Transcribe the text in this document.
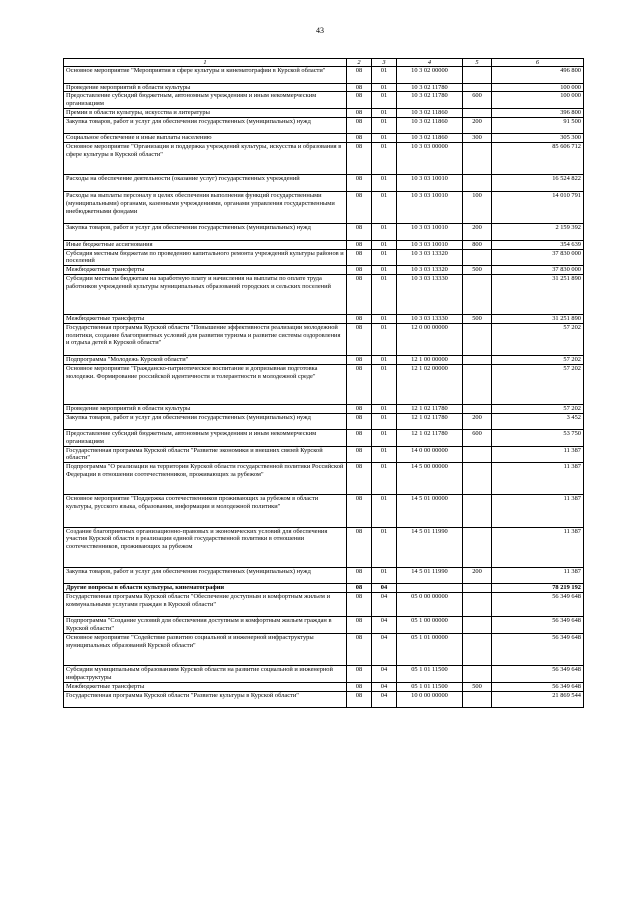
43
1	2	3	4	5	6
Основное мероприятие "Мероприятия в сфере культуры и кинематографии в Курской области"	08	01	10 3 02 00000		496 800
Проведение мероприятий в области культуры	08	01	10 3 02 11780		100 000
Предоставление субсидий бюджетным, автономным учреждениям и иным некоммерческим организациям	08	01	10 3 02 11780	600	100 000
Премии в области культуры, искусства и литературы	08	01	10 3 02 11860		396 800
Закупка товаров, работ и услуг для обеспечения государственных (муниципальных) нужд	08	01	10 3 02 11860	200	91 500
Социальное обеспечение и иные выплаты населению	08	01	10 3 02 11860	300	305 300
Основное мероприятие "Организация и поддержка учреждений культуры, искусства и образования в сфере культуры в Курской области"	08	01	10 3 03 00000		85 606 712
Расходы на обеспечение деятельности (оказание услуг) государственных учреждений	08	01	10 3 03 10010		16 524 822
Расходы на выплаты персоналу в целях обеспечения выполнения функций государственными (муниципальными) органами, казенными учреждениями, органами управления государственными внебюджетными фондами	08	01	10 3 03 10010	100	14 010 791
Закупка товаров, работ и услуг для обеспечения государственных (муниципальных) нужд	08	01	10 3 03 10010	200	2 159 392
Иные бюджетные ассигнования	08	01	10 3 03 10010	800	354 639
Субсидия местным бюджетам по проведению капитального ремонта учреждений культуры районов и поселений	08	01	10 3 03 13320		37 830 000
Межбюджетные трансферты	08	01	10 3 03 13320	500	37 830 000
Субсидии местным бюджетам на заработную плату и начисления на выплаты по оплате труда работников учреждений культуры муниципальных образований городских и сельских поселений	08	01	10 3 03 13330		31 251 890
Межбюджетные трансферты	08	01	10 3 03 13330	500	31 251 890
Государственная программа Курской области "Повышение эффективности реализации молодежной политики, создание благоприятных условий для развития туризма и развитие системы оздоровления и отдыха детей в Курской области"	08	01	12 0 00 00000		57 202
Подпрограмма "Молодежь Курской области"	08	01	12 1 00 00000		57 202
Основное мероприятие "Гражданско-патриотическое воспитание и допризывная подготовка молодежи. Формирование российской идентичности и толерантности в молодежной среде"	08	01	12 1 02 00000		57 202
Проведение мероприятий в области культуры	08	01	12 1 02 11780		57 202
Закупка товаров, работ и услуг для обеспечения государственных (муниципальных) нужд	08	01	12 1 02 11780	200	3 452
Предоставление субсидий бюджетным, автономным учреждениям и иным некоммерческим организациям	08	01	12 1 02 11780	600	53 750
Государственная программа Курской области "Развитие экономики и внешних связей Курской области"	08	01	14 0 00 00000		11 387
Подпрограмма "О реализации на территории Курской области государственной политики Российской Федерации в отношении соотечественников, проживающих за рубежом"	08	01	14 5 00 00000		11 387
Основное мероприятие "Поддержка соотечественников проживающих за рубежом в области культуры, русского языка, образования, информации и молодежной политики"	08	01	14 5 01 00000		11 387
Создание благоприятных организационно-правовых и экономических условий для обеспечения участия Курской области в реализации единой государственной политики в отношении соотечественников, проживающих за рубежом	08	01	14 5 01 11990		11 387
Закупка товаров, работ и услуг для обеспечения государственных (муниципальных) нужд	08	01	14 5 01 11990	200	11 387
Другие вопросы в области культуры, кинематографии	08	04			78 219 192
Государственная программа Курской области "Обеспечение доступным и комфортным жильем и коммунальными услугами граждан в Курской области"	08	04	05 0 00 00000		56 349 648
Подпрограмма "Создание условий для обеспечения доступным и комфортным жильем граждан в Курской области"	08	04	05 1 00 00000		56 349 648
Основное мероприятие "Содействие развитию социальной и инженерной инфраструктуры муниципальных образований Курской области"	08	04	05 1 01 00000		56 349 648
Субсидии муниципальным образованиям Курской области на развитие социальной и инженерной инфраструктуры	08	04	05 1 01 11500		56 349 648
Межбюджетные трансферты	08	04	05 1 01 11500	500	56 349 648
Государственная программа Курской области "Развитие культуры в Курской области"	08	04	10 0 00 00000		21 869 544
